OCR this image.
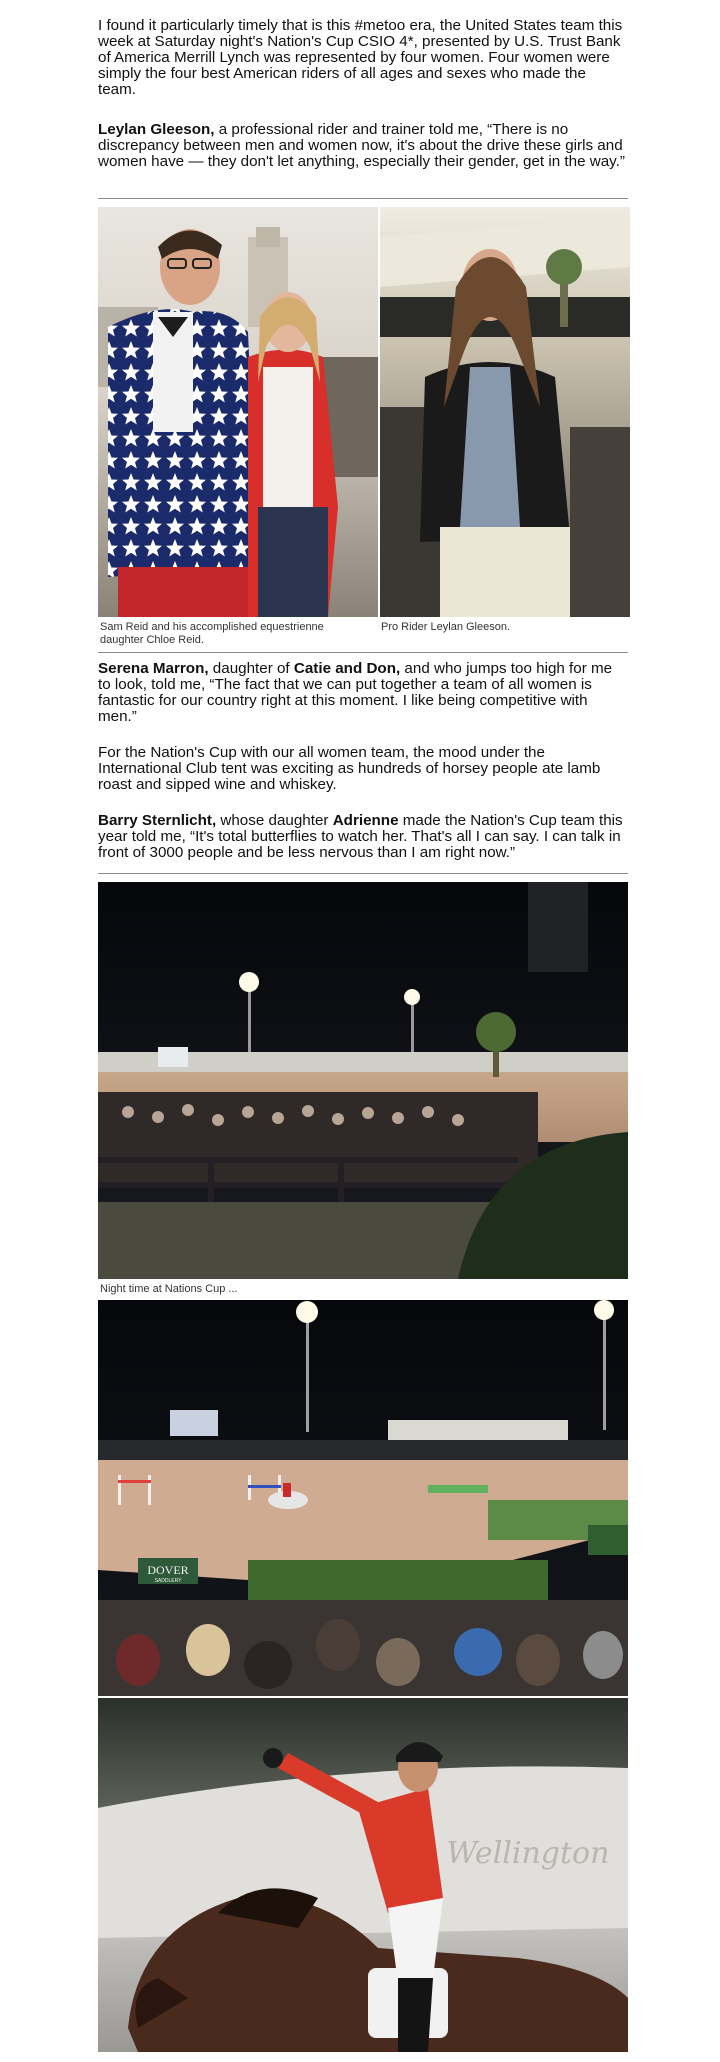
I found it particularly timely that is this #metoo era, the United States team this week at Saturday night's Nation's Cup CSIO 4*, presented by U.S. Trust Bank of America Merrill Lynch was represented by four women. Four women were simply the four best American riders of all ages and sexes who made the team.

Leylan Gleeson, a professional rider and trainer told me, “There is no discrepancy between men and women now, it's about the drive these girls and women have — they don't let anything, especially their gender, get in the way.”

Sam Reid and his accomplished equestrienne daughter Chloe Reid.
Pro Rider Leylan Gleeson.

Serena Marron, daughter of Catie and Don, and who jumps too high for me to look, told me, “The fact that we can put together a team of all women is fantastic for our country right at this moment. I like being competitive with men.”

For the Nation's Cup with our all women team, the mood under the International Club tent was exciting as hundreds of horsey people ate lamb roast and sipped wine and whiskey.

Barry Sternlicht, whose daughter Adrienne made the Nation's Cup team this year told me, “It's total butterflies to watch her. That's all I can say. I can talk in front of 3000 people and be less nervous than I am right now.”

Night time at Nations Cup ...
DOVER
SADDLERY
Wellington
